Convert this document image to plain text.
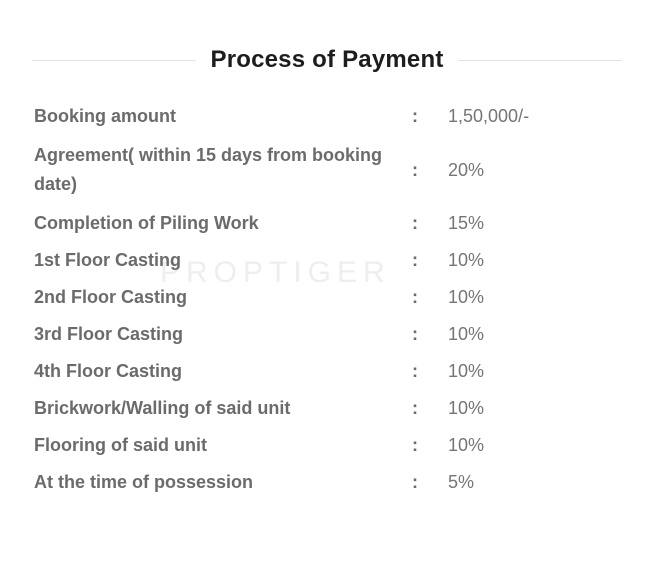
Process of Payment
PROPTIGER
Booking amount	:	1,50,000/-
Agreement( within 15 days from booking date)	:	20%
Completion of Piling Work	:	15%
1st Floor Casting	:	10%
2nd Floor Casting	:	10%
3rd Floor Casting	:	10%
4th Floor Casting	:	10%
Brickwork/Walling of said unit	:	10%
Flooring of said unit	:	10%
At the time of possession	:	5%
